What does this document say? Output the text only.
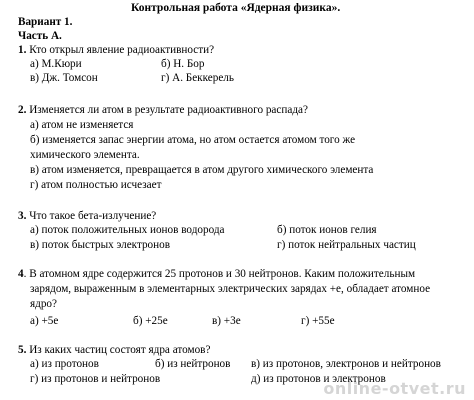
Контрольная работа «Ядерная физика».
Вариант 1.
Часть А.
1. Кто открыл явление радиоактивности?
а) М.Кюри	б) Н. Бор
в) Дж. Томсон	г) А. Беккерель
2. Изменяется ли атом в результате радиоактивного распада?
а) атом не изменяется
б) изменяется запас энергии атома, но атом остается атомом того же
химического элемента.
в) атом изменяется, превращается в атом другого химического элемента
г) атом полностью исчезает
3. Что такое бета-излучение?
а) поток положительных ионов водорода	б) поток ионов гелия
в) поток быстрых электронов	г) поток нейтральных частиц
4. В атомном ядре содержится 25 протонов и 30 нейтронов. Каким положительным
зарядом, выраженным в элементарных электрических зарядах +е, обладает атомное
ядро?
а) +5е	б) +25е	в) +3е	г) +55е
5. Из каких частиц состоят ядра атомов?
а) из протонов	б) из нейтронов в) из протонов, электронов и нейтронов
г) из протонов и нейтронов	д) из протонов и электронов
online-otvet.ru
